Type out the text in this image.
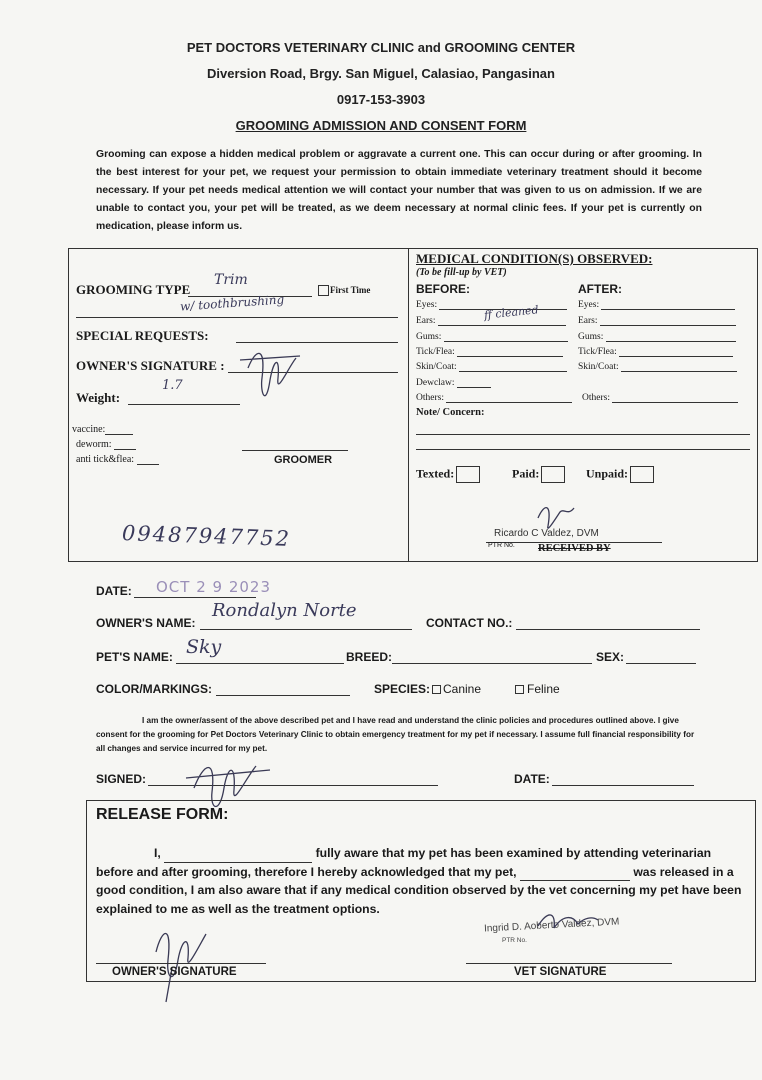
PET DOCTORS VETERINARY CLINIC and GROOMING CENTER
Diversion Road, Brgy. San Miguel, Calasiao, Pangasinan
0917-153-3903
GROOMING ADMISSION AND CONSENT FORM
Grooming can expose a hidden medical problem or aggravate a current one. This can occur during or after grooming. In the best interest for your pet, we request your permission to obtain immediate veterinary treatment should it become necessary. If your pet needs medical attention we will contact your number that was given to us on admission. If we are unable to contact you, your pet will be treated, as we deem necessary at normal clinic fees. If your pet is currently on medication, please inform us.
GROOMING TYPE
Trim
First Time
w/ toothbrushing
SPECIAL REQUESTS:
OWNER'S SIGNATURE :
Weight:
1.7
vaccine:
deworm:
anti tick&flea:	GROOMER
09487947752
MEDICAL CONDITION(S) OBSERVED:
(To be fill-up by VET)
BEFORE:	AFTER:
Eyes:	Eyes:
Ears:	ff cleaned	Ears:
Gums:	Gums:
Tick/Flea:	Tick/Flea:
Skin/Coat:	Skin/Coat:
Dewclaw:
Others:	Others:
Note/ Concern:
Texted:	Paid:	Unpaid:
Ricardo C Valdez, DVM
PTR No. RECEIVED BY
DATE: OCT 2 9 2023
OWNER'S NAME:
Rondalyn Norte
CONTACT NO.:
PET'S NAME: Sky	BREED:	SEX:
COLOR/MARKINGS:	SPECIES: Canine	Feline
I am the owner/assent of the above described pet and I have read and understand the clinic policies and procedures outlined above. I give consent for the grooming for Pet Doctors Veterinary Clinic to obtain emergency treatment for my pet if necessary. I assume full financial responsibility for all changes and service incurred for my pet.
SIGNED:	DATE:
RELEASE FORM:
I,	fully aware that my pet has been examined by attending veterinarian before and after grooming, therefore I hereby acknowledged that my pet,	was released in a good condition, I am also aware that if any medical condition observed by the vet concerning my pet have been explained to me as well as the treatment options.
OWNER'S SIGNATURE
Ingrid D. Aoberto Valdez, DVM
PTR No.
VET SIGNATURE
